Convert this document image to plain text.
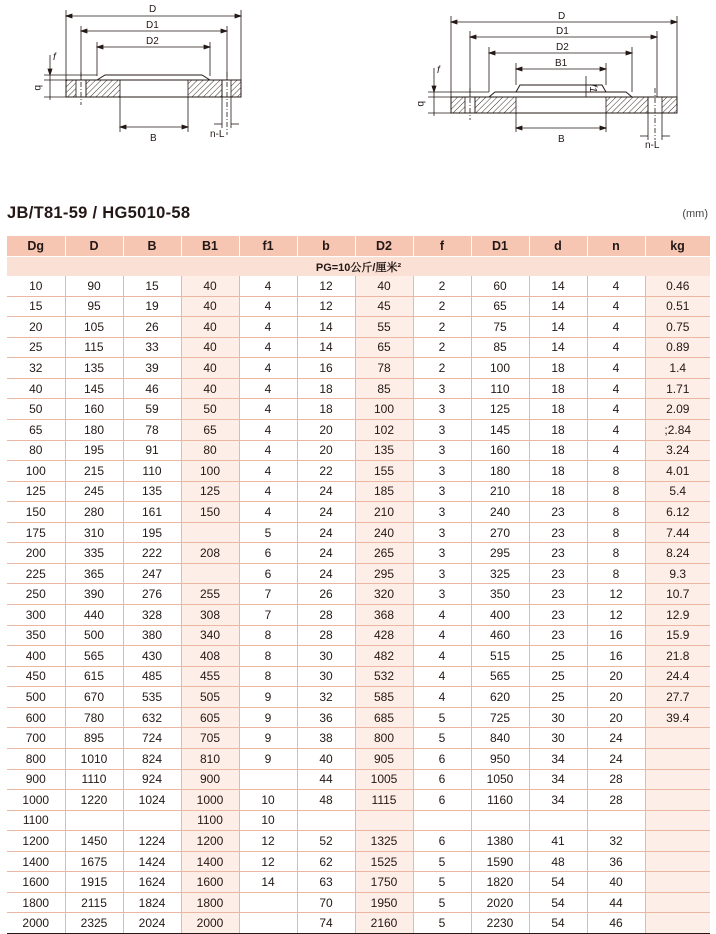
D
D1
D2
B
f
b
n-L
D
D1
D2
B1
B
f
f1
b
n-L
JB/T81-59 / HG5010-58	(mm)
Dg	D	B	B1	f1	b	D2	f	D1	d	n	kg
PG=10公斤/厘米²											
10	90	15	40	4	12	40	2	60	14	4	0.46
15	95	19	40	4	12	45	2	65	14	4	0.51
20	105	26	40	4	14	55	2	75	14	4	0.75
25	115	33	40	4	14	65	2	85	14	4	0.89
32	135	39	40	4	16	78	2	100	18	4	1.4
40	145	46	40	4	18	85	3	110	18	4	1.71
50	160	59	50	4	18	100	3	125	18	4	2.09
65	180	78	65	4	20	102	3	145	18	4	;2.84
80	195	91	80	4	20	135	3	160	18	4	3.24
100	215	110	100	4	22	155	3	180	18	8	4.01
125	245	135	125	4	24	185	3	210	18	8	5.4
150	280	161	150	4	24	210	3	240	23	8	6.12
175	310	195		5	24	240	3	270	23	8	7.44
200	335	222	208	6	24	265	3	295	23	8	8.24
225	365	247		6	24	295	3	325	23	8	9.3
250	390	276	255	7	26	320	3	350	23	12	10.7
300	440	328	308	7	28	368	4	400	23	12	12.9
350	500	380	340	8	28	428	4	460	23	16	15.9
400	565	430	408	8	30	482	4	515	25	16	21.8
450	615	485	455	8	30	532	4	565	25	20	24.4
500	670	535	505	9	32	585	4	620	25	20	27.7
600	780	632	605	9	36	685	5	725	30	20	39.4
700	895	724	705	9	38	800	5	840	30	24	
800	1010	824	810	9	40	905	6	950	34	24	
900	1110	924	900		44	1005	6	1050	34	28	
1000	1220	1024	1000	10	48	1115	6	1160	34	28	
1100			1100	10							
1200	1450	1224	1200	12	52	1325	6	1380	41	32	
1400	1675	1424	1400	12	62	1525	5	1590	48	36	
1600	1915	1624	1600	14	63	1750	5	1820	54	40	
1800	2115	1824	1800		70	1950	5	2020	54	44	
2000	2325	2024	2000		74	2160	5	2230	54	46	
